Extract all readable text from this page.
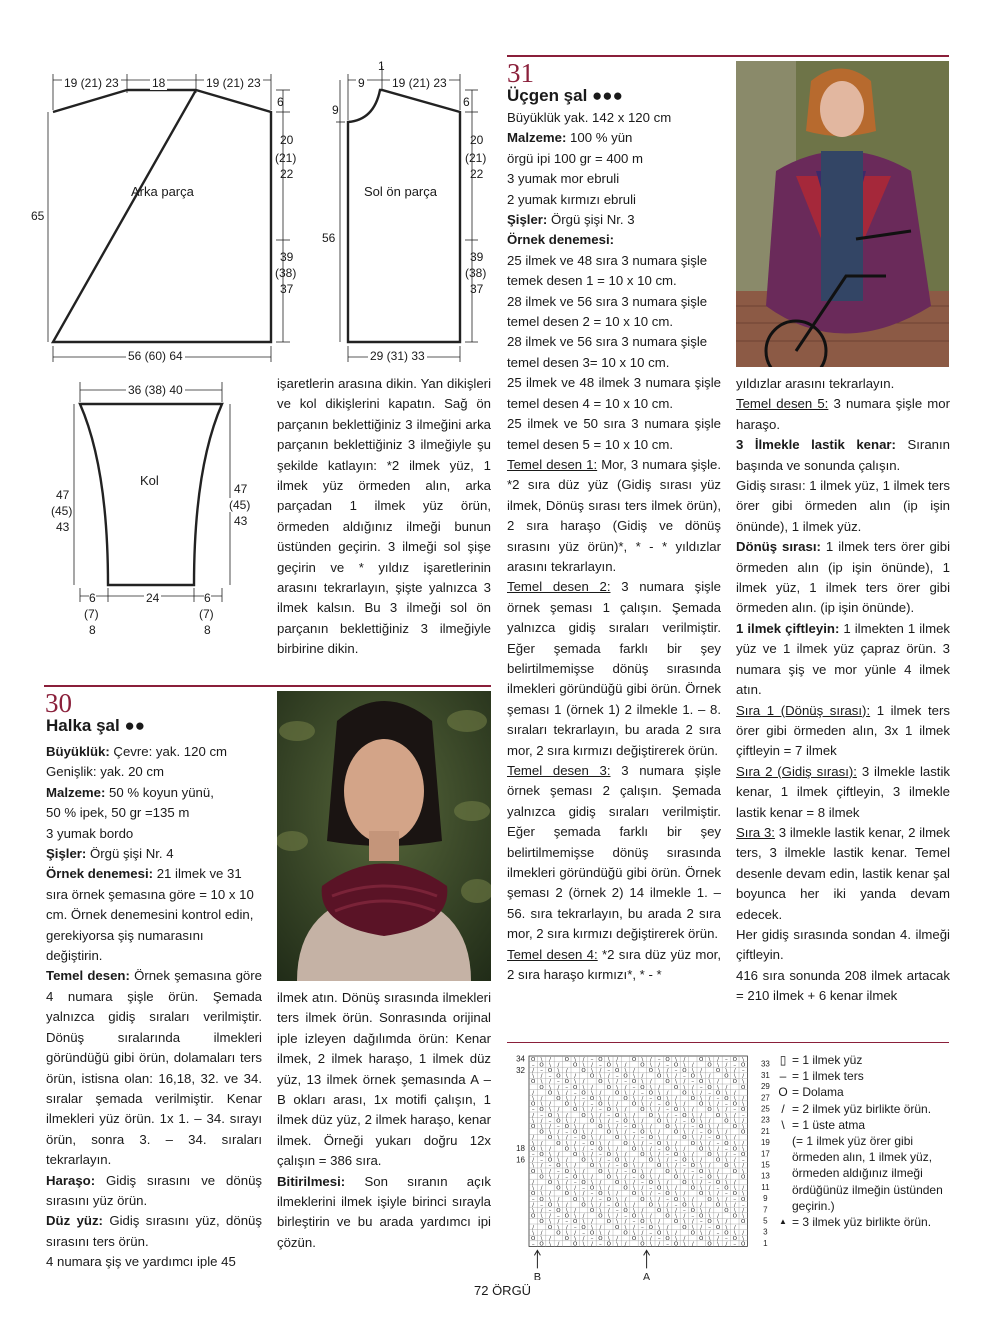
19 (21) 23	18	19 (21) 23
6
20
(21)
22
39
(38)
37
65
Arka parça
56 (60) 64
1
9 19 (21) 23
9
6
20
(21)
22
39
(38)
37
56
Sol ön parça
29 (31) 33
36 (38) 40
47
(45)
43
47
(45)
43
Kol
6
(7)
8
24	6
(7)
8

işaretlerin arasına dikin. Yan dikişleri ve kol dikişlerini kapatın. Sağ ön parçanın beklettiğiniz 3 ilmeğini arka parçanın beklettiğiniz 3 ilmeğiyle şu şekilde katlayın: *2 ilmek yüz, 1 ilmek yüz örmeden alın, arka parçadan 1 ilmek yüz örün, örmeden aldığınız ilmeği bunun üstünden geçirin. 3 ilmeği sol şişe geçirin ve * yıldız işaretlerinin arasını tekrarlayın, şişte yalnızca 3 ilmek kalsın. Bu 3 ilmeği sol ön parçanın beklettiğiniz 3 ilmeğiyle birbirine dikin.

30
Halka şal ●●

Büyüklük: Çevre: yak. 120 cm

Genişlik: yak. 20 cm

Malzeme: 50 % koyun yünü,

50 % ipek, 50 gr =135 m

3 yumak bordo

Şişler: Örgü şişi Nr. 4

Örnek denemesi: 21 ilmek ve 31 sıra örnek şemasına göre = 10 x 10 cm. Örnek denemesini kontrol edin, gerekiyorsa şiş numarasını değiştirin.

Temel desen: Örnek şemasına göre 4 numara şişle örün. Şemada yalnızca gidiş sıraları verilmiştir. Dönüş sıralarında ilmekleri göründüğü gibi örün, dolamaları ters örün, istisna olan: 16,18, 32. ve 34. sıralar şemada verilmiştir. Kenar ilmekleri yüz örün. 1x 1. – 34. sırayı örün, sonra 3. – 34. sıraları tekrarlayın.

Haraşo: Gidiş sırasını ve dönüş sırasını yüz örün.

Düz yüz: Gidiş sırasını yüz, dönüş sırasını ters örün.

4 numara şiş ve yardımcı iple 45

ilmek atın. Dönüş sırasında ilmekleri ters ilmek örün. Sonrasında orijinal iple izleyen dağılımda örün: Kenar ilmek, 2 ilmek haraşo, 1 ilmek düz yüz, 13 ilmek örnek şemasında A – B okları arası, 1x motifi çalışın, 1 ilmek düz yüz, 2 ilmek haraşo, kenar ilmek. Örneği yukarı doğru 12x çalışın = 386 sıra.

Bitirilmesi: Son sıranın açık ilmeklerini ilmek işiyle birinci sırayla birleştirin ve bu arada yardımcı ipi çözün.

31
Üçgen şal ●●●

Büyüklük yak. 142 x 120 cm

Malzeme: 100 % yün

örgü ipi 100 gr = 400 m

3 yumak mor ebruli

2 yumak kırmızı ebruli

Şişler: Örgü şişi Nr. 3

Örnek denemesi:

25 ilmek ve 48 sıra 3 numara şişle temek desen 1 = 10 x 10 cm.

28 ilmek ve 56 sıra 3 numara şişle temel desen 2 = 10 x 10 cm.

28 ilmek ve 56 sıra 3 numara şişle temel desen 3= 10 x 10 cm.

25 ilmek ve 48 ilmek 3 numara şişle temel desen 4 = 10 x 10 cm.

25 ilmek ve 50 sıra 3 numara şişle temel desen 5 = 10 x 10 cm.

Temel desen 1: Mor, 3 numara şişle. *2 sıra düz yüz (Gidiş sırası yüz ilmek, Dönüş sırası ters ilmek örün), 2 sıra haraşo (Gidiş ve dönüş sırasını yüz örün)*, * - * yıldızlar arasını tekrarlayın.

Temel desen 2: 3 numara şişle örnek şeması 1 çalışın. Şemada yalnızca gidiş sıraları verilmiştir. Eğer şemada farklı bir şey belirtilmemişse dönüş sırasında ilmekleri göründüğü gibi örün. Örnek şeması 1 (örnek 1) 2 ilmekle 1. – 8. sıraları tekrarlayın, bu arada 2 sıra mor, 2 sıra kırmızı değiştirerek örün.

Temel desen 3: 3 numara şişle örnek şeması 2 çalışın. Şemada yalnızca gidiş sıraları verilmiştir. Eğer şemada farklı bir şey belirtilmemişse dönüş sırasında ilmekleri göründüğü gibi örün. Örnek şeması 2 (örnek 2) 14 ilmekle 1. – 56. sıra tekrarlayın, bu arada 2 sıra mor, 2 sıra kırmızı değiştirerek örün.

Temel desen 4: *2 sıra düz yüz mor, 2 sıra haraşo kırmızı*, * - *

yıldızlar arasını tekrarlayın.

Temel desen 5: 3 numara şişle mor haraşo.

3 İlmekle lastik kenar: Sıranın başında ve sonunda çalışın.

Gidiş sırası: 1 ilmek yüz, 1 ilmek ters örer gibi örmeden alın (ip işin önünde), 1 ilmek yüz.

Dönüş sırası: 1 ilmek ters örer gibi örmeden alın (ip işin önünde), 1 ilmek yüz, 1 ilmek ters örer gibi örmeden alın. (ip işin önünde).

1 ilmek çiftleyin: 1 ilmekten 1 ilmek yüz ve 1 ilmek yüz çapraz örün. 3 numara şiş ve mor yünle 4 ilmek atın.

Sıra 1 (Dönüş sırası): 1 ilmek ters örer gibi örmeden alın, 3x 1 ilmek çiftleyin = 7 ilmek

Sıra 2 (Gidiş sırası): 3 ilmekle lastik kenar, 1 ilmek çiftleyin, 3 ilmekle lastik kenar = 8 ilmek

Sıra 3: 3 ilmekle lastik kenar, 2 ilmek ters, 3 ilmekle lastik kenar. Temel desenle devam edin, lastik kenar şal boyunca her iki yanda devam edecek.

Her gidiş sırasında sondan 4. ilmeği çiftleyin.

416 sıra sonunda 208 ilmek artacak = 210 ilmek + 6 kenar ilmek

O \ / O \ / – O \ / O \ / – O \ / O \ / – O \
– O \ / O \ / – O \ / O \ / – O \ / O \ / – O
/ – O \ / O \ / – O \ / O \ / – O \ / O \ / –
\ / – O \ / O \ / – O \ / O \ / – O \ / O \ /
O \ / – O \ / O \ / – O \ / O \ / – O \ / O \
O \ / – O \ / O \ / – O \ / O \ / – O \ / O
/ O \ / – O \ / O \ / – O \ / O \ / – O \ /
\ / O \ / – O \ / O \ / – O \ / O \ / – O \ /
O \ / O \ / – O \ / O \ / – O \ / O \ / – O \
– O \ / O \ / – O \ / O \ / – O \ / O \ / – O
/ – O \ / O \ / – O \ / O \ / – O \ / O \ / –
\ / – O \ / O \ / – O \ / O \ / – O \ / O \ /
O \ / – O \ / O \ / – O \ / O \ / – O \ / O \
O \ / – O \ / O \ / – O \ / O \ / – O \ / O
/ O \ / – O \ / O \ / – O \ / O \ / – O \ /
\ / O \ / – O \ / O \ / – O \ / O \ / – O \ /
O \ / O \ / – O \ / O \ / – O \ / O \ / – O \
– O \ / O \ / – O \ / O \ / – O \ / O \ / – O
/ – O \ / O \ / – O \ / O \ / – O \ / O \ / –
\ / – O \ / O \ / – O \ / O \ / – O \ / O \ /
O \ / – O \ / O \ / – O \ / O \ / – O \ / O \
O \ / – O \ / O \ / – O \ / O \ / – O \ / O
/ O \ / – O \ / O \ / – O \ / O \ / – O \ /
\ / O \ / – O \ / O \ / – O \ / O \ / – O \ /
O \ / O \ / – O \ / O \ / – O \ / O \ / – O \
– O \ / O \ / – O \ / O \ / – O \ / O \ / – O
/ – O \ / O \ / – O \ / O \ / – O \ / O \ / –
\ / – O \ / O \ / – O \ / O \ / – O \ / O \ /
O \ / – O \ / O \ / – O \ / O \ / – O \ / O \
O \ / – O \ / O \ / – O \ / O \ / – O \ / O
/ O \ / – O \ / O \ / – O \ / O \ / – O \ /
\ / O \ / – O \ / O \ / – O \ / O \ / – O \ /
O \ / O \ / – O \ / O \ / – O \ / O \ / – O \
– O \ / O \ / – O \ / O \ / – O \ / O \ / – O
34
32
18
16
33
31
29
27
25
23
21
19
17
15
13
11
9
7
5
3
1
B	A
▯ = 1 ilmek yüz
– = 1 ilmek ters
O = Dolama
/ = 2 ilmek yüz birlikte örün.
\ = 1 üste atma
(= 1 ilmek yüz örer gibi örmeden alın, 1 ilmek yüz, örmeden aldığınız ilmeği ördüğünüz ilmeğin üstünden geçirin.)
▲ = 3 ilmek yüz birlikte örün.
72 ÖRGÜ
